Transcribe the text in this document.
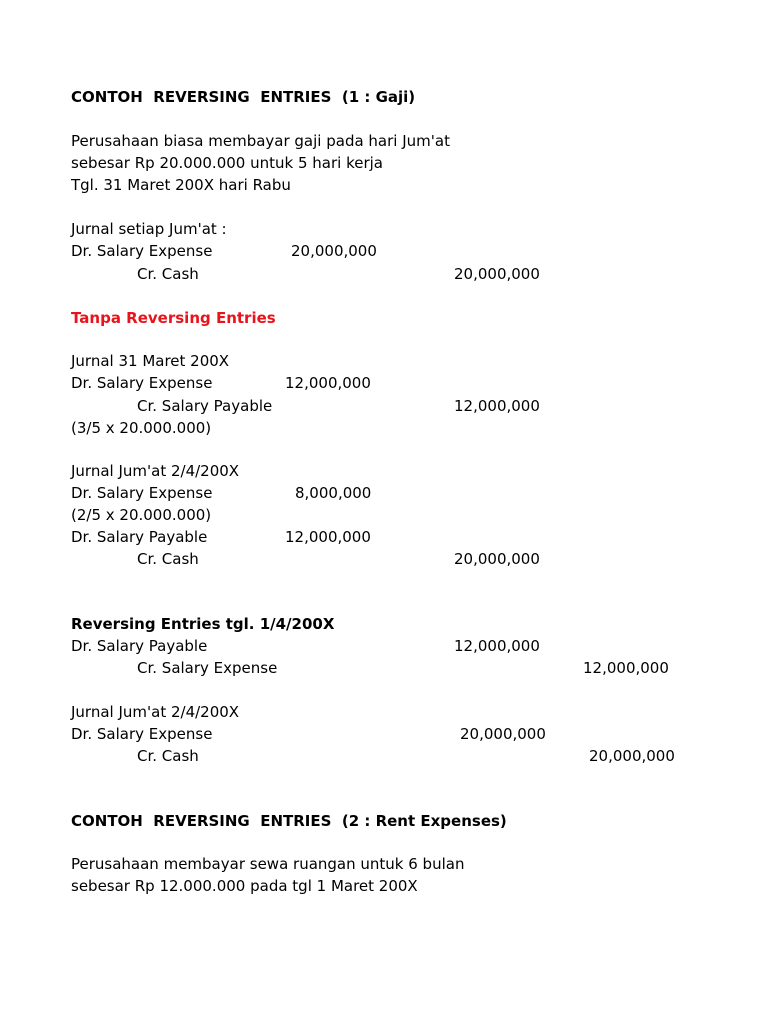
CONTOH  REVERSING  ENTRIES  (1 : Gaji)
Perusahaan biasa membayar gaji pada hari Jum'at
sebesar Rp 20.000.000 untuk 5 hari kerja
Tgl. 31 Maret 200X hari Rabu
Jurnal setiap Jum'at :
Dr. Salary Expense	20,000,000
Cr. Cash	20,000,000
Tanpa Reversing Entries
Jurnal 31 Maret 200X
Dr. Salary Expense	12,000,000
Cr. Salary Payable	12,000,000
(3/5 x 20.000.000)
Jurnal Jum'at 2/4/200X
Dr. Salary Expense	8,000,000
(2/5 x 20.000.000)
Dr. Salary Payable	12,000,000
Cr. Cash	20,000,000
Reversing Entries tgl. 1/4/200X
Dr. Salary Payable	12,000,000
Cr. Salary Expense	12,000,000
Jurnal Jum'at 2/4/200X
Dr. Salary Expense	20,000,000
Cr. Cash	20,000,000
CONTOH  REVERSING  ENTRIES  (2 : Rent Expenses)
Perusahaan membayar sewa ruangan untuk 6 bulan
sebesar Rp 12.000.000 pada tgl 1 Maret 200X
